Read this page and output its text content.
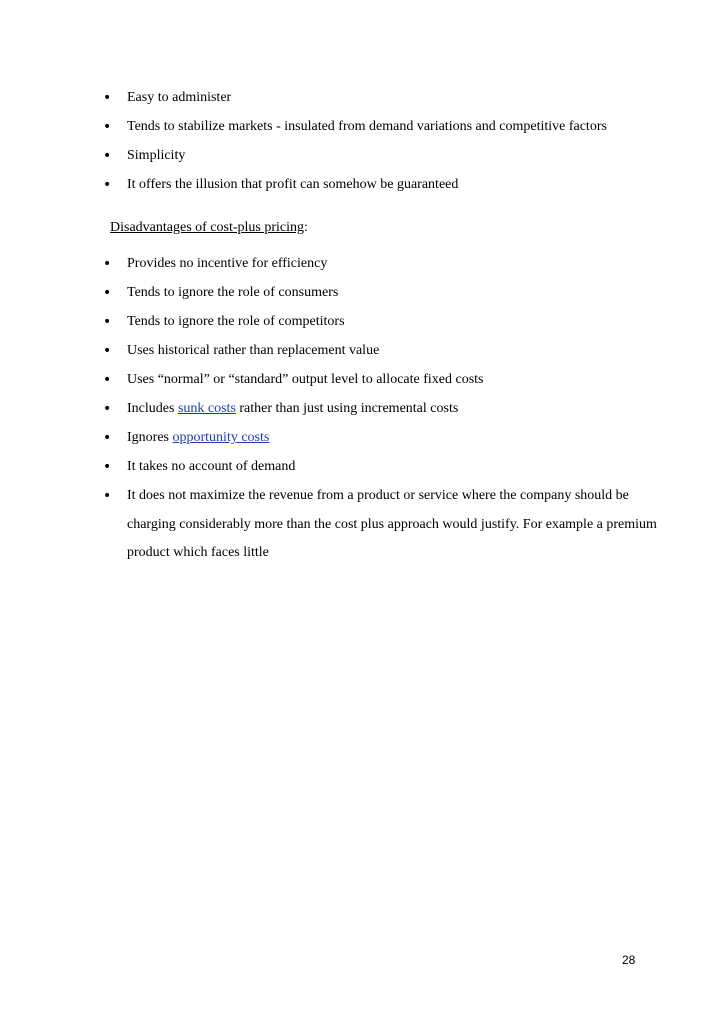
• Easy to administer
• Tends to stabilize markets - insulated from demand variations and competitive factors
• Simplicity
• It offers the illusion that profit can somehow be guaranteed
Disadvantages of cost-plus pricing:
• Provides no incentive for efficiency
• Tends to ignore the role of consumers
• Tends to ignore the role of competitors
• Uses historical rather than replacement value
• Uses “normal” or “standard” output level to allocate fixed costs
• Includes sunk costs rather than just using incremental costs
• Ignores opportunity costs
• It takes no account of demand
• It does not maximize the revenue from a product or service where the company should be charging considerably more than the cost plus approach would justify. For example a premium product which faces little
28
